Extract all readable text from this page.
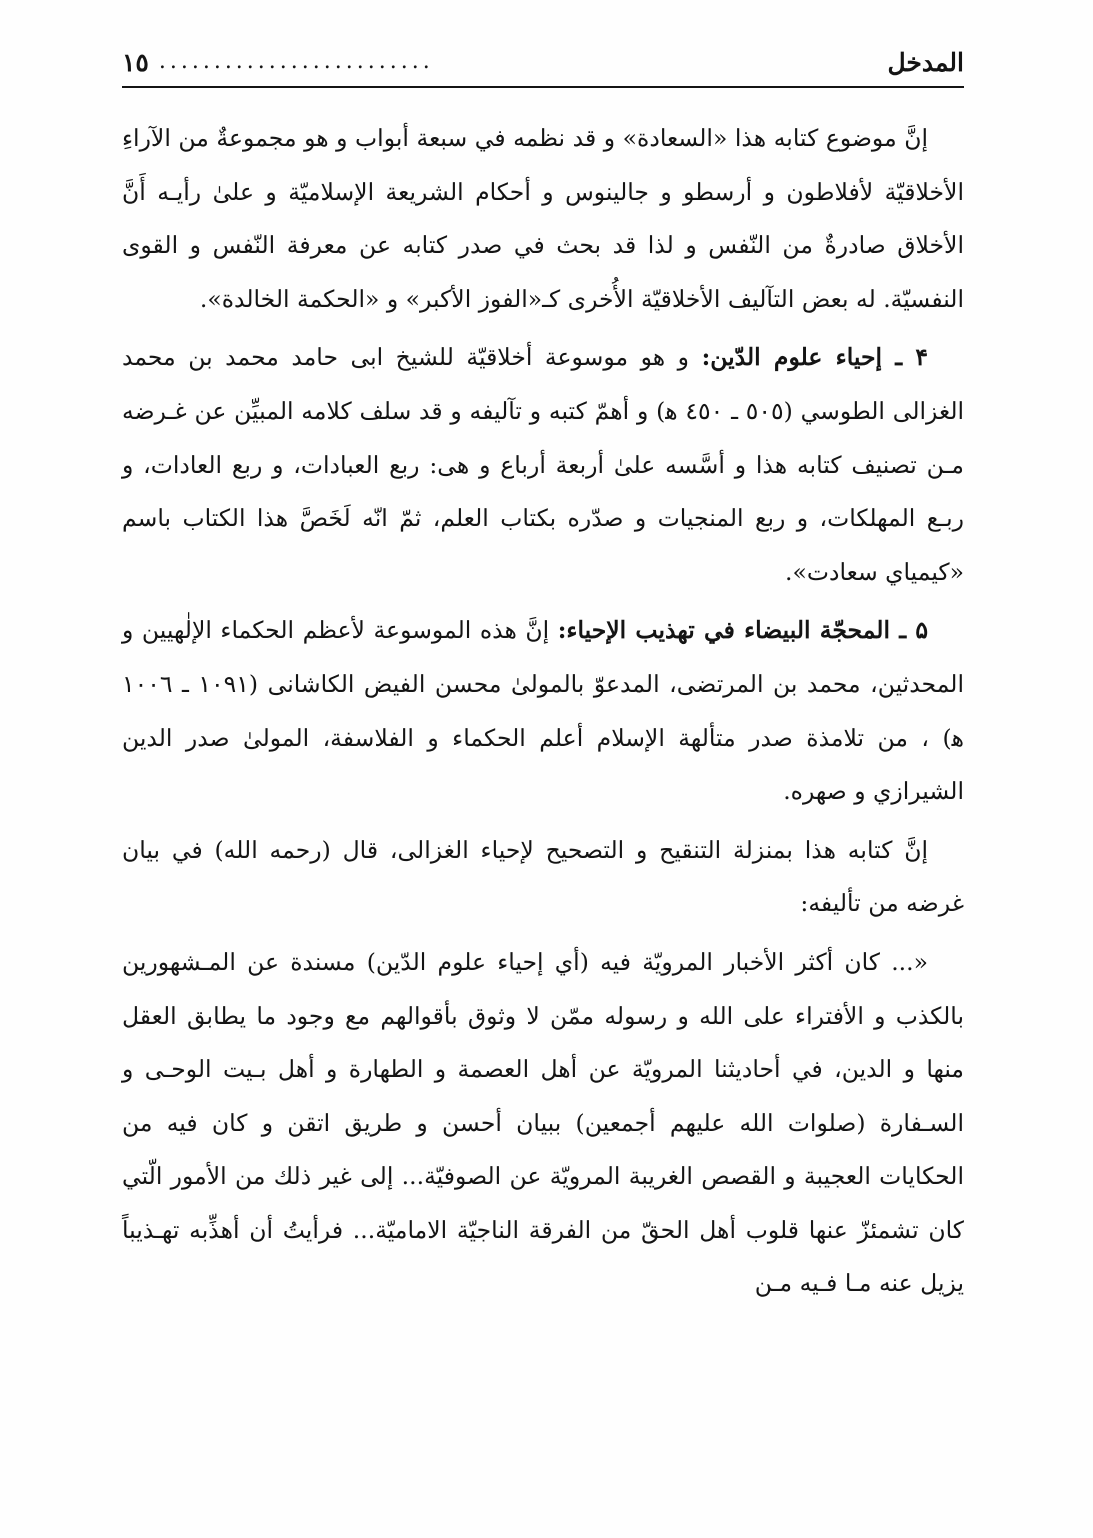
المدخل
.........................
١٥

إنَّ موضوع كتابه هذا «السعادة» و قد نظمه في سبعة أبواب و هو مجموعةٌ من الآراءِ الأخلاقيّة لأفلاطون و أرسطو و جالينوس و أحكام الشريعة الإسلاميّة و علىٰ رأيـه أَنَّ الأخلاق صادرةٌ من النّفس و لذا قد بحث في صدر كتابه عن معرفة النّفس و القوى النفسيّة. له بعض التآليف الأخلاقيّة الأُخرى كـ«الفوز الأكبر» و «الحكمة الخالدة».

۴ ـ إحياء علوم الدّين: و هو موسوعة أخلاقيّة للشيخ ابى حامد محمد بن محمد الغزالى الطوسي (٥٠٥ ـ ٤٥٠ ه‍) و أهمّ كتبه و تآليفه و قد سلف كلامه المبيِّن عن غـرضه مـن تصنيف كتابه هذا و أسَّسه علىٰ أربعة أرباع و هى: ربع العبادات، و ربع العادات، و ربـع المهلكات، و ربع المنجيات و صدّره بكتاب العلم، ثمّ انّه لَخَصَّ هذا الكتاب باسم «كيمياي سعادت».

۵ ـ المحجّة البيضاء في تهذيب الإحياء: إنَّ هذه الموسوعة لأعظم الحكماء الإلٰهيين و المحدثين، محمد بن المرتضى، المدعوّ بالمولىٰ محسن الفيض الكاشانى (١٠٩١ ـ ١٠٠٦ ه‍) ، من تلامذة صدر متألهة الإسلام أعلم الحكماء و الفلاسفة، المولىٰ صدر الدين الشيرازي و صهره.

إنَّ كتابه هذا بمنزلة التنقيح و التصحيح لإحياء الغزالى، قال (رحمه الله) في بيان غرضه من تأليفه:

«... كان أكثر الأخبار المرويّة فيه (أي إحياء علوم الدّين) مسندة عن المـشهورين بالكذب و الأفتراء على الله و رسوله ممّن لا وثوق بأقوالهم مع وجود ما يطابق العقل منها و الدين، في أحاديثنا المرويّة عن أهل العصمة و الطهارة و أهل بـيت الوحـى و السـفارة (صلوات الله عليهم أجمعين) ببيان أحسن و طريق اتقن و كان فيه من الحكايات العجيبة و القصص الغريبة المرويّة عن الصوفيّة... إلى غير ذلك من الأمور الّتي كان تشمئزّ عنها قلوب أهل الحقّ من الفرقة الناجيّة الاماميّة... فرأيتُ أن أهذِّبه تهـذيباً يزيل عنه مـا فـيه مـن
